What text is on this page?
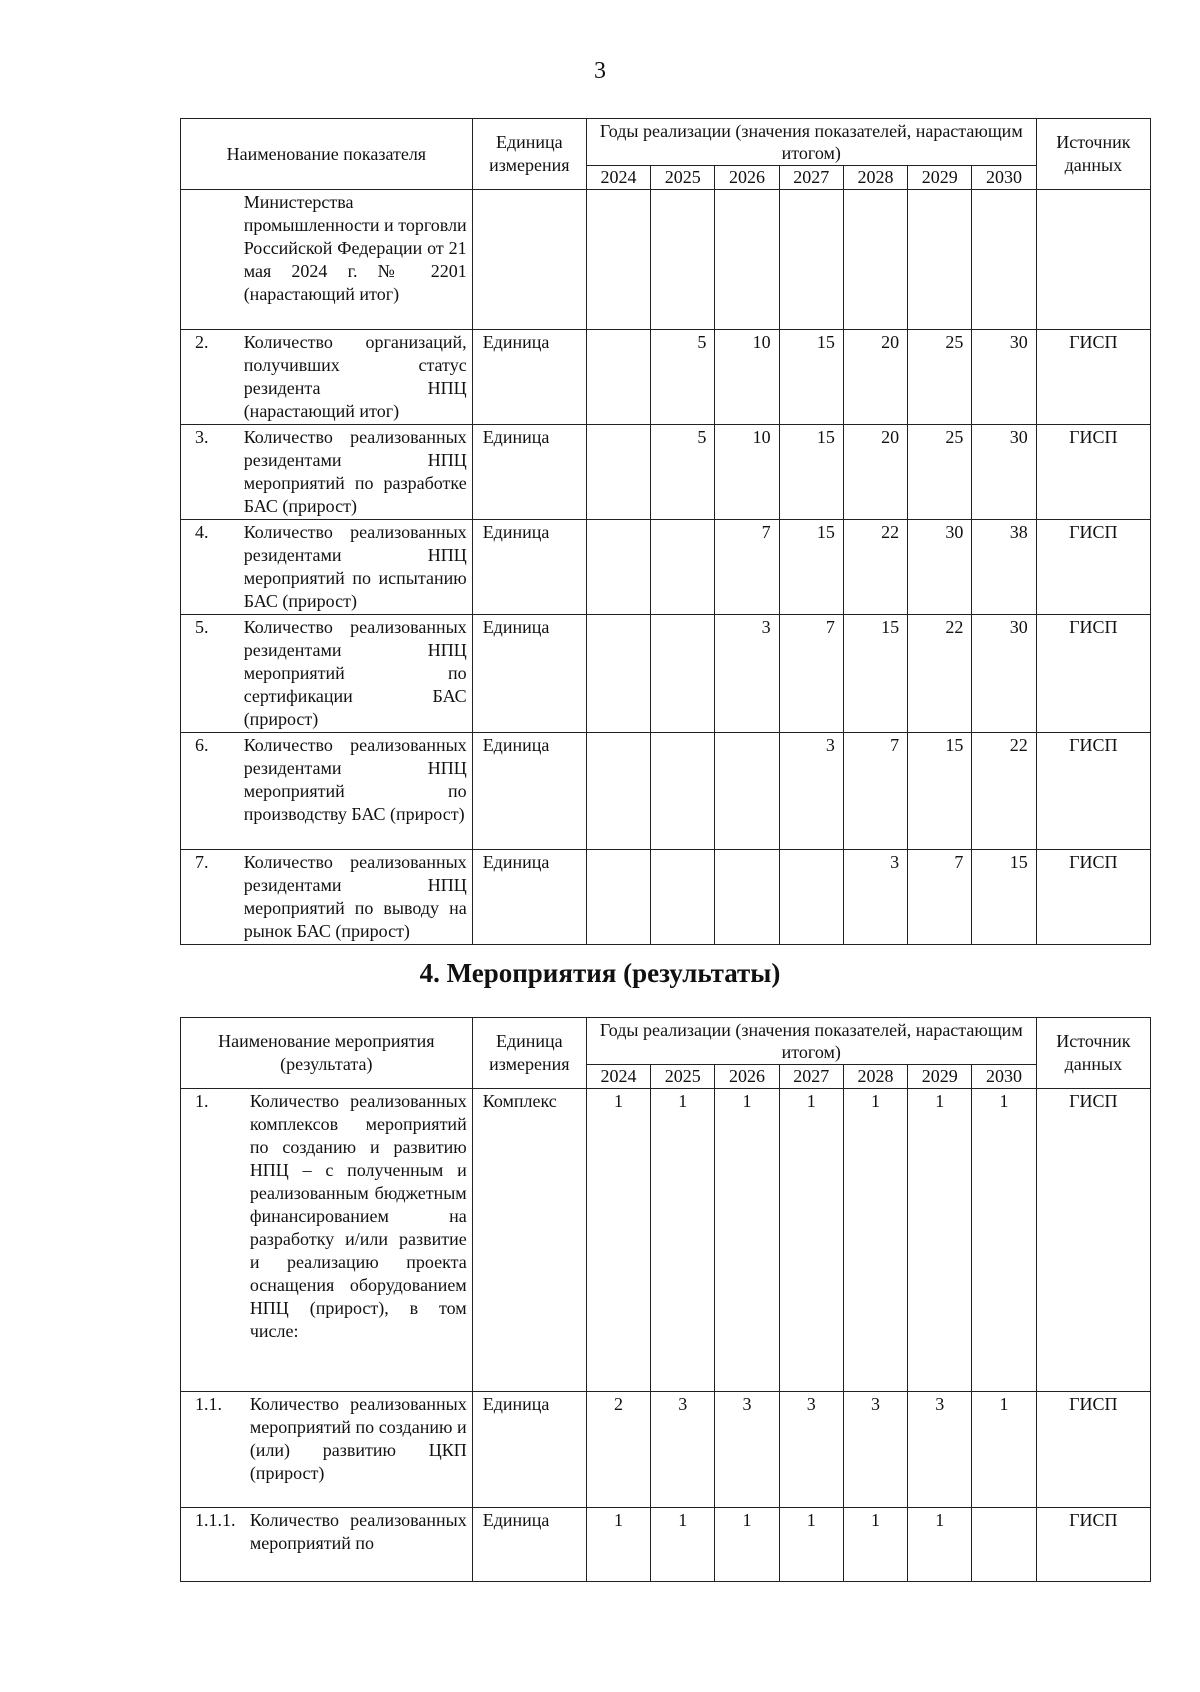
3
Наименование показателя		Единица измерения	Годы реализации (значения показателей, нарастающим итогом)							Источник данных
			2024	2025	2026	2027	2028	2029	2030	
	Министерства промышленности и торговли Российской Федерации от 21 мая 2024 г. № 2201 (нарастающий итог)									
2.	Количество организаций, получивших статус резидента НПЦ (нарастающий итог)	Единица		5	10	15	20	25	30	ГИСП
3.	Количество реализованных резидентами НПЦ мероприятий по разработке БАС (прирост)	Единица		5	10	15	20	25	30	ГИСП
4.	Количество реализованных резидентами НПЦ мероприятий по испытанию БАС (прирост)	Единица			7	15	22	30	38	ГИСП
5.	Количество реализованных резидентами НПЦ мероприятий по сертификации БАС (прирост)	Единица			3	7	15	22	30	ГИСП
6.	Количество реализованных резидентами НПЦ мероприятий по производству БАС (прирост)	Единица				3	7	15	22	ГИСП
7.	Количество реализованных резидентами НПЦ мероприятий по выводу на рынок БАС (прирост)	Единица					3	7	15	ГИСП
4. Мероприятия (результаты)
Наименование мероприятия (результата)		Единица измерения	Годы реализации (значения показателей, нарастающим итогом)							Источник данных
			2024	2025	2026	2027	2028	2029	2030	
1.	Количество реализованных комплексов мероприятий по созданию и развитию НПЦ – с полученным и реализованным бюджетным финансированием на разработку и/или развитие и реализацию проекта оснащения оборудованием НПЦ (прирост), в том числе:	Комплекс	1	1	1	1	1	1	1	ГИСП
1.1.	Количество реализованных мероприятий по созданию и (или) развитию ЦКП (прирост)	Единица	2	3	3	3	3	3	1	ГИСП
1.1.1.	Количество реализованных мероприятий по	Единица	1	1	1	1	1	1		ГИСП
